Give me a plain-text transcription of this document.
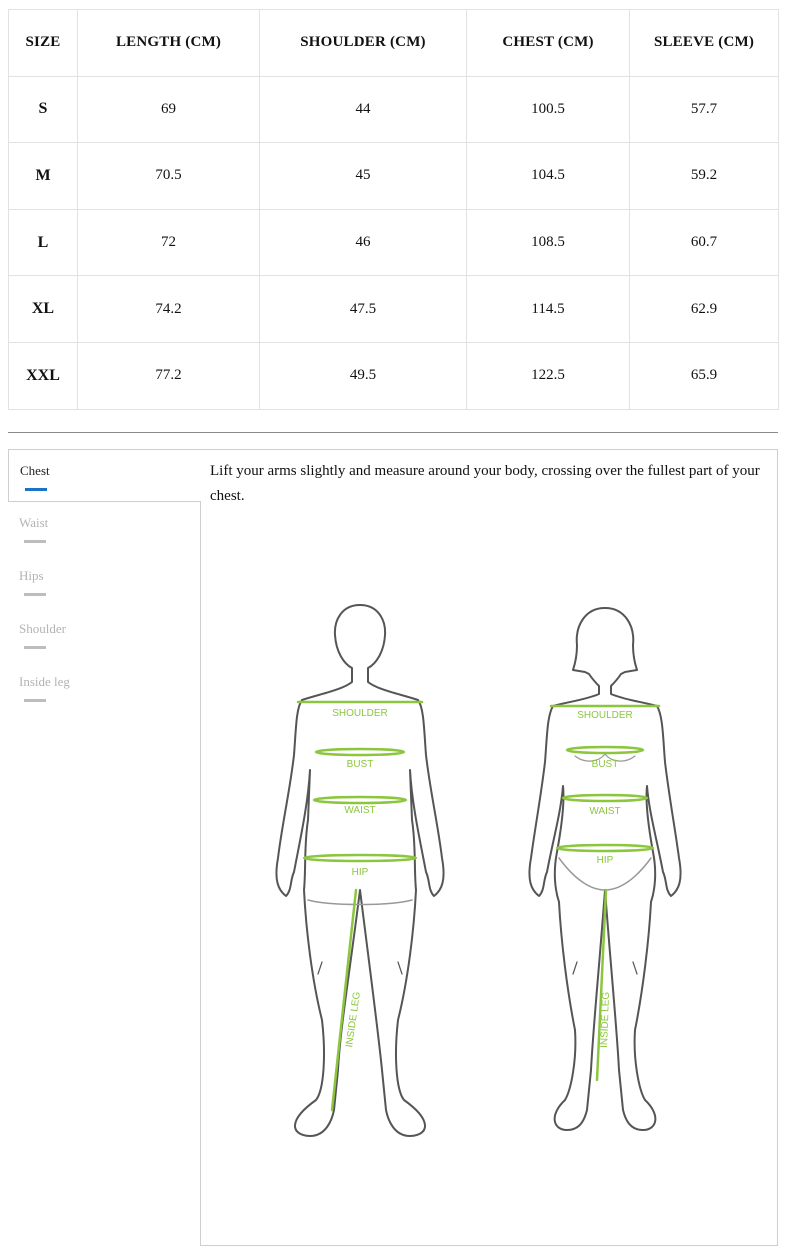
SIZE	LENGTH (CM)	SHOULDER (CM)	CHEST (CM)	SLEEVE (CM)
S	69	44	100.5	57.7
M	70.5	45	104.5	59.2
L	72	46	108.5	60.7
XL	74.2	47.5	114.5	62.9
XXL	77.2	49.5	122.5	65.9
Chest
Waist
Hips
Shoulder
Inside leg

Lift your arms slightly and measure around your body, crossing over the fullest part of your chest.

SHOULDER
BUST
WAIST
HIP
INSIDE LEG
SHOULDER
BUST
WAIST
HIP
INSIDE LEG
